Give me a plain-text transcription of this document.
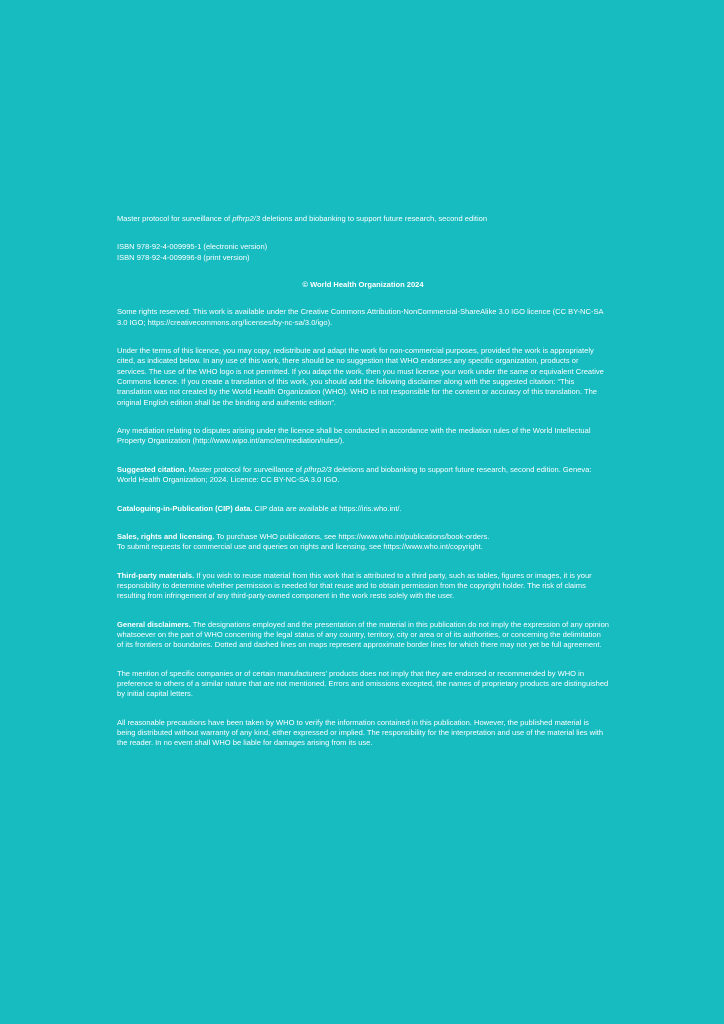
Master protocol for surveillance of pfhrp2/3 deletions and biobanking to support future research, second edition

ISBN 978-92-4-009995-1 (electronic version)
ISBN 978-92-4-009996-8 (print version)

© World Health Organization 2024

Some rights reserved. This work is available under the Creative Commons Attribution-NonCommercial-ShareAlike 3.0 IGO licence (CC BY-NC-SA 3.0 IGO; https://creativecommons.org/licenses/by-nc-sa/3.0/igo).

Under the terms of this licence, you may copy, redistribute and adapt the work for non-commercial purposes, provided the work is appropriately cited, as indicated below. In any use of this work, there should be no suggestion that WHO endorses any specific organization, products or services. The use of the WHO logo is not permitted. If you adapt the work, then you must license your work under the same or equivalent Creative Commons licence. If you create a translation of this work, you should add the following disclaimer along with the suggested citation: “This translation was not created by the World Health Organization (WHO). WHO is not responsible for the content or accuracy of this translation. The original English edition shall be the binding and authentic edition”.

Any mediation relating to disputes arising under the licence shall be conducted in accordance with the mediation rules of the World Intellectual Property Organization (http://www.wipo.int/amc/en/mediation/rules/).

Suggested citation. Master protocol for surveillance of pfhrp2/3 deletions and biobanking to support future research, second edition. Geneva: World Health Organization; 2024. Licence: CC BY-NC-SA 3.0 IGO.

Cataloguing-in-Publication (CIP) data. CIP data are available at https://iris.who.int/.

Sales, rights and licensing. To purchase WHO publications, see https://www.who.int/publications/book-orders.
To submit requests for commercial use and queries on rights and licensing, see https://www.who.int/copyright.

Third-party materials. If you wish to reuse material from this work that is attributed to a third party, such as tables, figures or images, it is your responsibility to determine whether permission is needed for that reuse and to obtain permission from the copyright holder. The risk of claims resulting from infringement of any third-party-owned component in the work rests solely with the user.

General disclaimers. The designations employed and the presentation of the material in this publication do not imply the expression of any opinion whatsoever on the part of WHO concerning the legal status of any country, territory, city or area or of its authorities, or concerning the delimitation of its frontiers or boundaries. Dotted and dashed lines on maps represent approximate border lines for which there may not yet be full agreement.

The mention of specific companies or of certain manufacturers’ products does not imply that they are endorsed or recommended by WHO in preference to others of a similar nature that are not mentioned. Errors and omissions excepted, the names of proprietary products are distinguished by initial capital letters.

All reasonable precautions have been taken by WHO to verify the information contained in this publication. However, the published material is being distributed without warranty of any kind, either expressed or implied. The responsibility for the interpretation and use of the material lies with the reader. In no event shall WHO be liable for damages arising from its use.
